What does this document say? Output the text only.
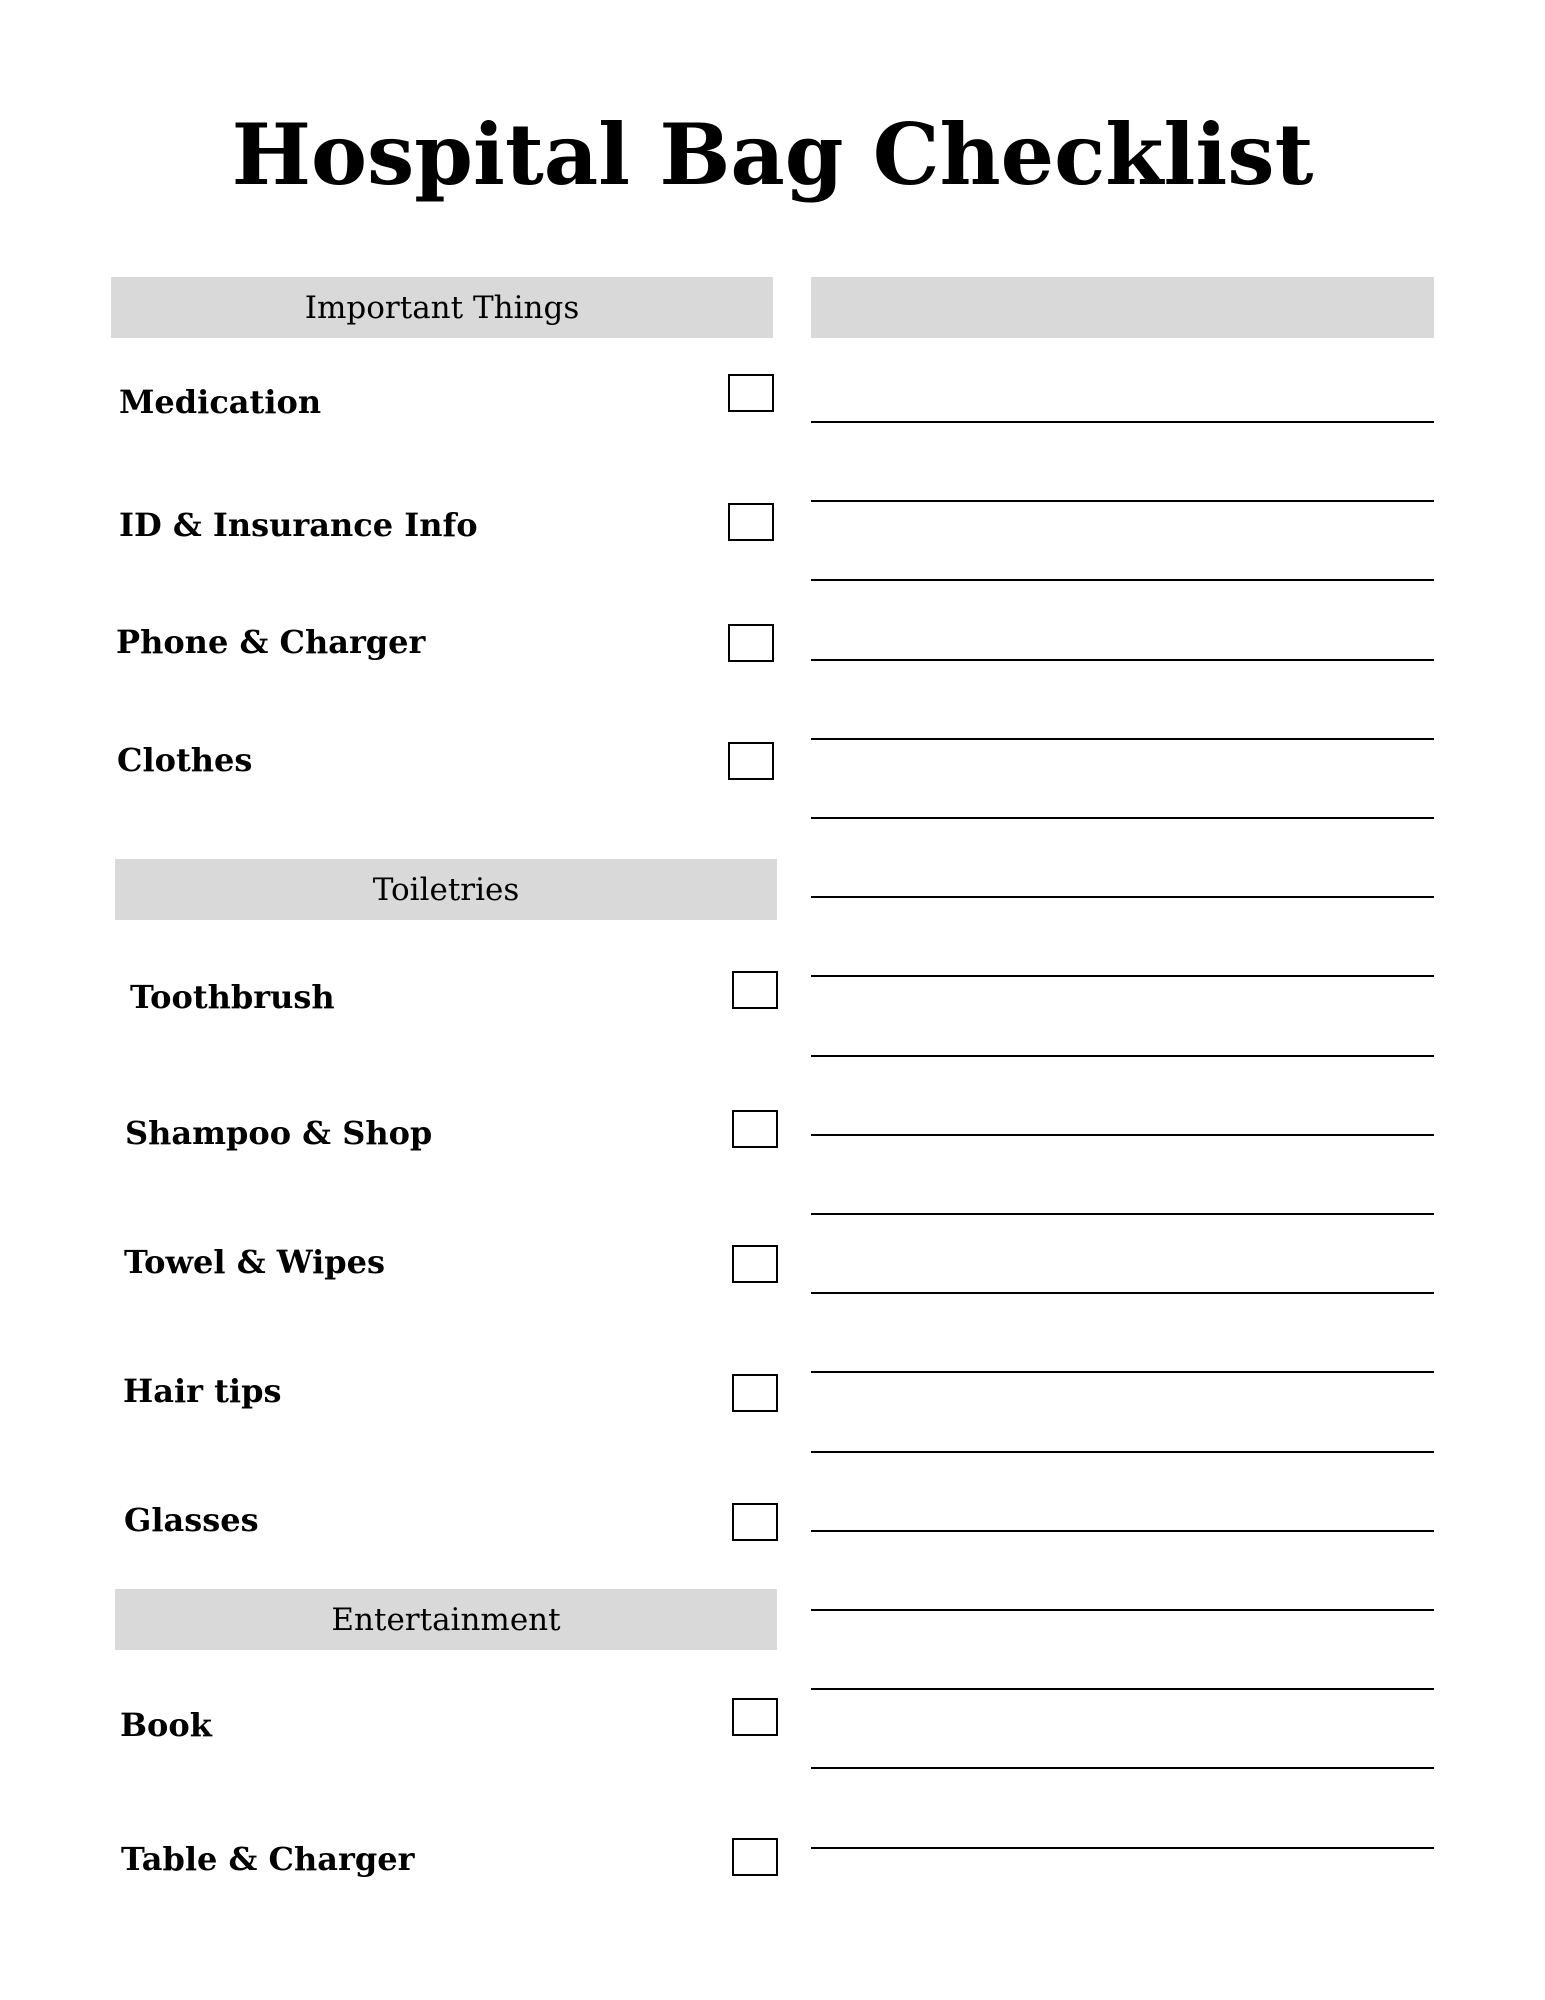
Hospital Bag Checklist
Important Things
Medication
ID & Insurance Info
Phone & Charger
Clothes
Toiletries
Toothbrush
Shampoo & Shop
Towel & Wipes
Hair tips
Glasses
Entertainment
Book
Table & Charger
